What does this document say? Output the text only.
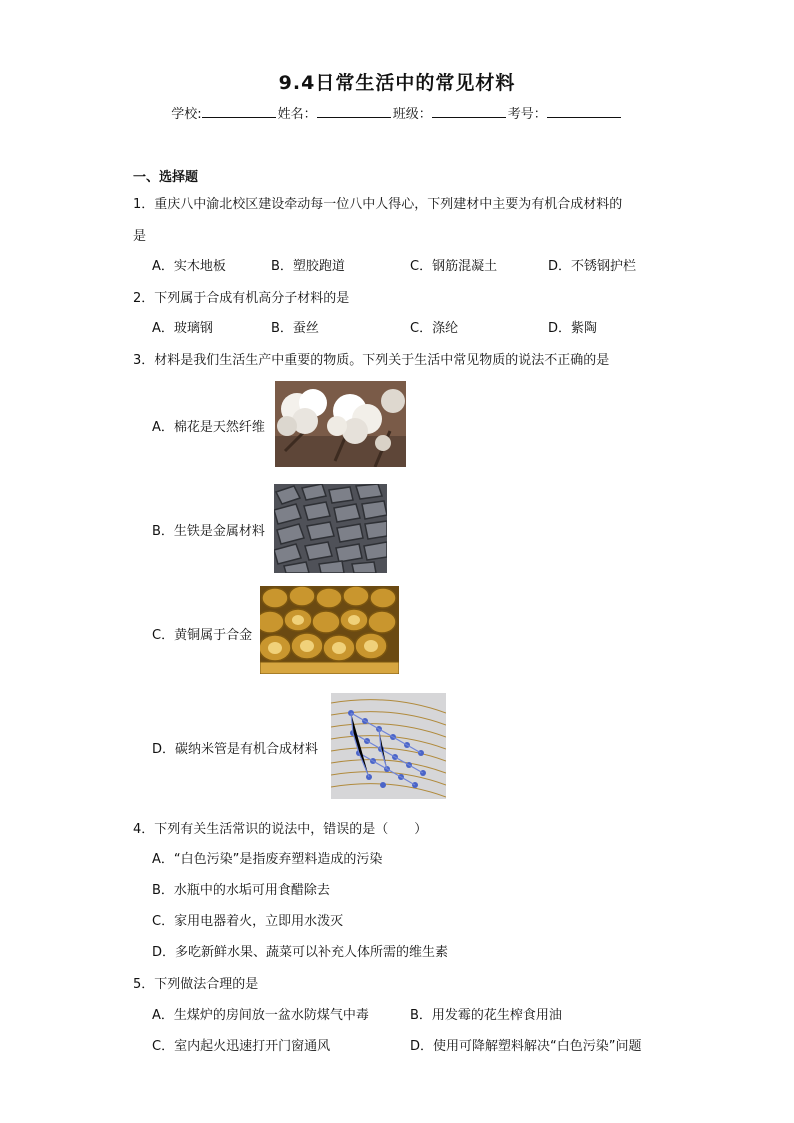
9.4日常生活中的常见材料
学校:	姓名：	班级：	考号：
一、选择题
1．重庆八中渝北校区建设牵动每一位八中人得心，下列建材中主要为有机合成材料的
是
A．实木地板	B．塑胶跑道	C．钢筋混凝土	D．不锈钢护栏
2．下列属于合成有机高分子材料的是
A．玻璃钢	B．蚕丝	C．涤纶	D．紫陶
3．材料是我们生活生产中重要的物质。下列关于生活中常见物质的说法不正确的是
A．棉花是天然纤维
B．生铁是金属材料
C．黄铜属于合金
D．碳纳米管是有机合成材料
4．下列有关生活常识的说法中，错误的是（　　）
A．“白色污染”是指废弃塑料造成的污染
B．水瓶中的水垢可用食醋除去
C．家用电器着火，立即用水泼灭
D．多吃新鲜水果、蔬菜可以补充人体所需的维生素
5．下列做法合理的是
A．生煤炉的房间放一盆水防煤气中毒	B．用发霉的花生榨食用油
C．室内起火迅速打开门窗通风	D．使用可降解塑料解决“白色污染”问题
